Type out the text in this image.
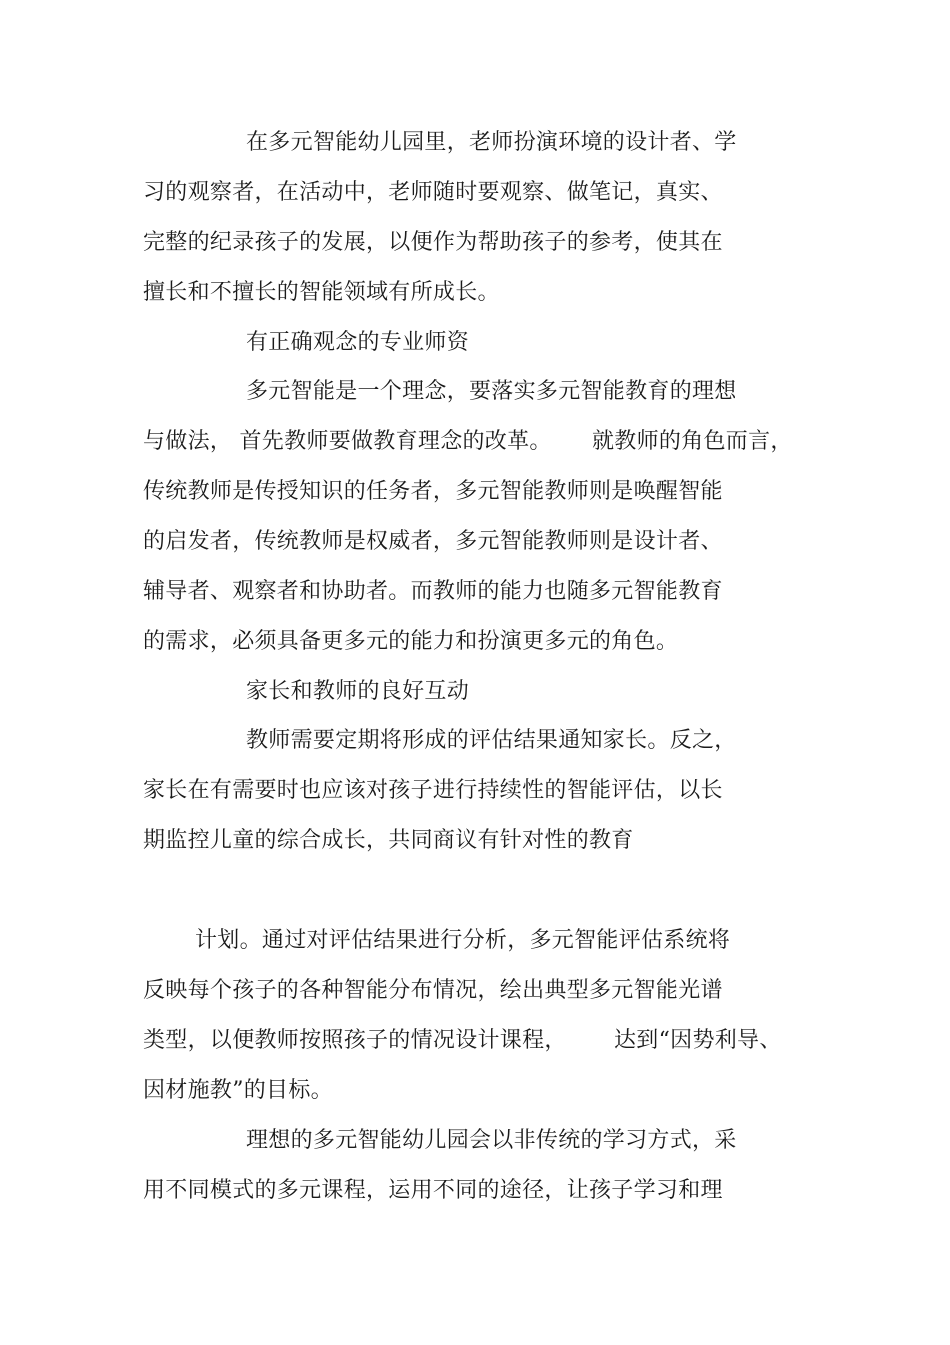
在多元智能幼儿园里，老师扮演环境的设计者、学
习的观察者，在活动中，老师随时要观察、做笔记，真实、
完整的纪录孩子的发展，以便作为帮助孩子的参考，使其在
擅长和不擅长的智能领域有所成长。
有正确观念的专业师资
多元智能是一个理念，要落实多元智能教育的理想
与做法， 首先教师要做教育理念的改革。 就教师的角色而言，
传统教师是传授知识的任务者，多元智能教师则是唤醒智能
的启发者，传统教师是权威者，多元智能教师则是设计者、
辅导者、观察者和协助者。而教师的能力也随多元智能教育
的需求，必须具备更多元的能力和扮演更多元的角色。
家长和教师的良好互动
教师需要定期将形成的评估结果通知家长。反之，
家长在有需要时也应该对孩子进行持续性的智能评估，以长
期监控儿童的综合成长，共同商议有针对性的教育
计划。通过对评估结果进行分析，多元智能评估系统将
反映每个孩子的各种智能分布情况，绘出典型多元智能光谱
类型，以便教师按照孩子的情况设计课程， 达到“因势利导、
因材施教”的目标。
理想的多元智能幼儿园会以非传统的学习方式，采
用不同模式的多元课程，运用不同的途径，让孩子学习和理
